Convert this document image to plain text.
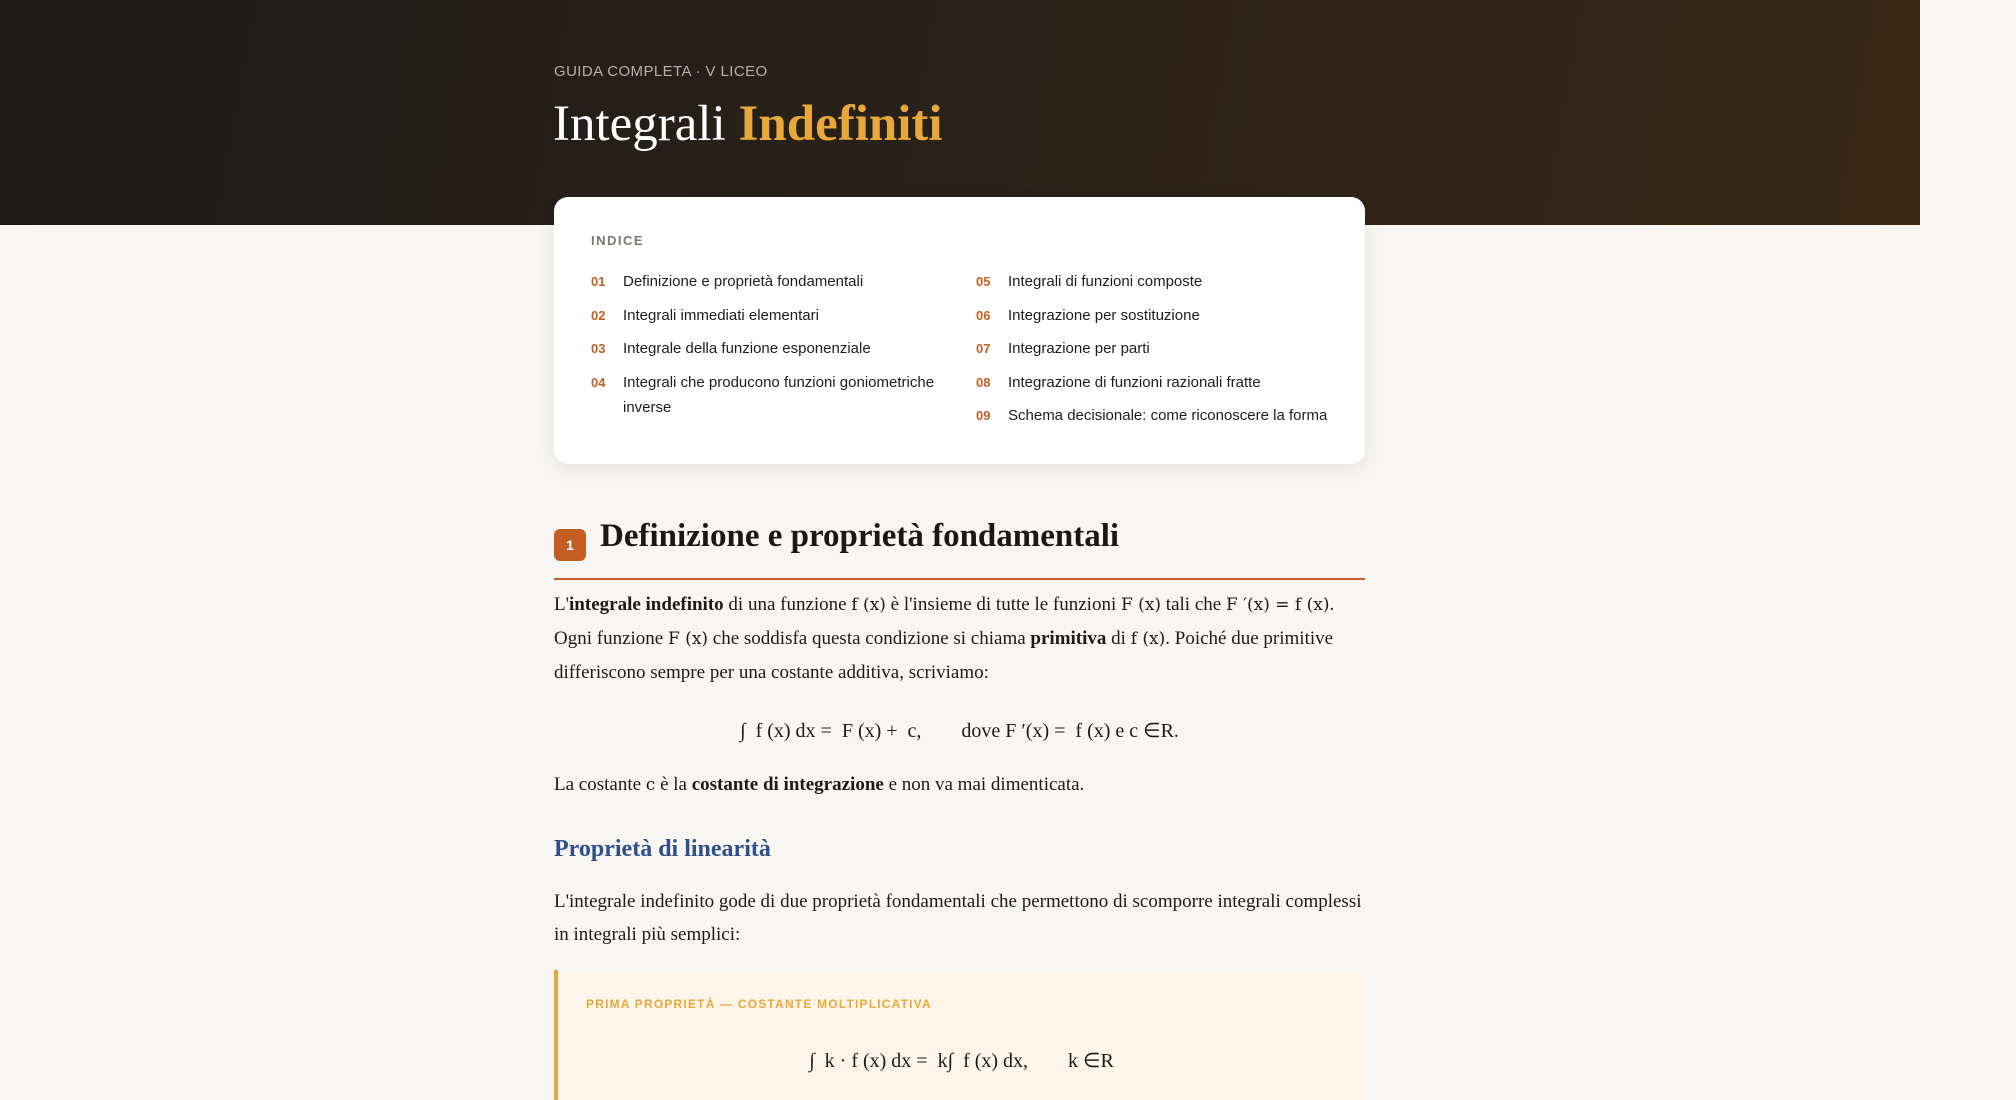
∫
GUIDA COMPLETA · V LICEO
Integrali Indefiniti
INDICE
01	Definizione e proprietà fondamentali
02	Integrali immediati elementari
03	Integrale della funzione esponenziale
04	Integrali che producono funzioni goniometriche inverse
05	Integrali di funzioni composte
06	Integrazione per sostituzione
07	Integrazione per parti
08	Integrazione di funzioni razionali fratte
09	Schema decisionale: come riconoscere la forma
1 Definizione e proprietà fondamentali

L'integrale indefinito di una funzione f (x) è l'insieme di tutte le funzioni F (x) tali che F ′(x) = f (x). Ogni funzione F (x) che soddisfa questa condizione si chiama primitiva di f (x). Poiché due primitive differiscono sempre per una costante additiva, scriviamo:

∫  f (x) dx =  F (x) +  c,        dove F ′(x) =  f (x) e c ∈R.

La costante c è la costante di integrazione e non va mai dimenticata.

Proprietà di linearità

L'integrale indefinito gode di due proprietà fondamentali che permettono di scomporre integrali complessi in integrali più semplici:

PRIMA PROPRIETÀ — COSTANTE MOLTIPLICATIVA
∫  k · f (x) dx =  k∫  f (x) dx,        k ∈R
